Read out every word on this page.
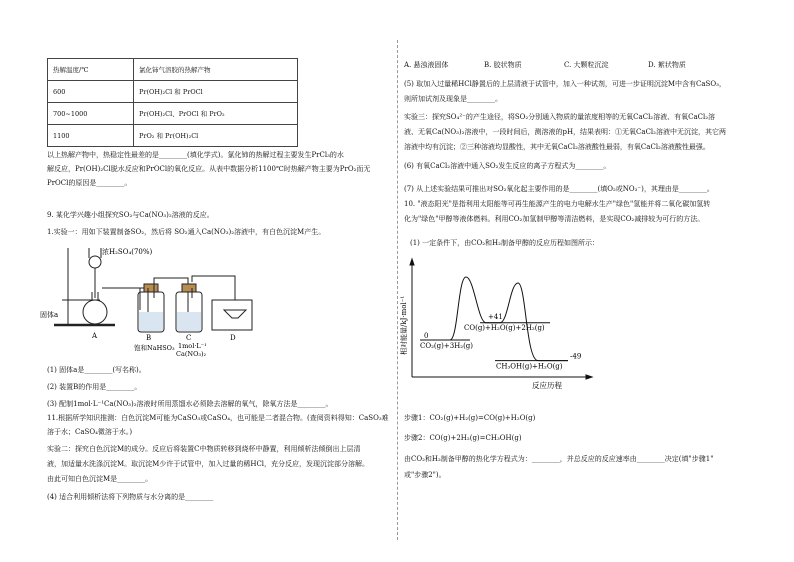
热解温度/℃	氯化铈气溶胶的热解产物
600	Pr(OH)₂Cl 和 PrOCl
700~1000	Pr(OH)₂Cl、PrOCl 和 PrO₂
1100	PrO₂ 和 Pr(OH)₂Cl
以上热解产物中，热稳定性最差的是________(填化学式)。氯化铈的热解过程主要发生PrCl₃的水
解反应，Pr(OH)₂Cl脱水反应和PrOCl的氧化反应。从表中数据分析1100℃时热解产物主要为PrO₂而无
PrOCl的原因是________。
9. 某化学兴趣小组探究SO₂与Ca(NO₃)₂溶液的反应。
1.实验一：用如下装置制备SO₂，然后将 SO₂通入Ca(NO₃)₂溶液中，有白色沉淀M产生。
浓H₂SO₄(70%)
固体a
A	B
饱和NaHSO₃
C
1mol·L⁻¹
Ca(NO₃)₂
D
(1) 固体a是________(写名称)。
(2) 装置B的作用是________。
(3) 配制1mol·L⁻¹Ca(NO₃)₂溶液时所用蒸馏水必须除去溶解的氧气，除氧方法是________。
11.根据所学知识推测：白色沉淀M可能为CaSO₃或CaSO₄，也可能是二者混合物。(查阅资料得知：CaSO₃难
溶于水；CaSO₄微溶于水。)
实验二：探究白色沉淀M的成分。反应后将装置C中物质转移到烧杯中静置，利用倾析法倾倒出上层清
液，加适量水洗涤沉淀M。取沉淀M少许于试管中，加入过量的稀HCl，充分反应，发现沉淀部分溶解。
由此可知白色沉淀M是________。
(4) 适合利用倾析法将下列物质与水分离的是________
A. 悬浊液固体	B. 胶状物质	C. 大颗粒沉淀	D. 絮状物质
(5) 取加入过量稀HCl静置后的上层清液于试管中，加入一种试剂，可进一步证明沉淀M中含有CaSO₃，
则所加试剂及现象是________。
实验三：探究SO₄²⁻的产生途径，将SO₂分别通入物质的量浓度相等的无氧CaCl₂溶液、有氧CaCl₂溶
液、无氧Ca(NO₃)₂溶液中，一段时间后，测溶液的pH，结果表明：①无氧CaCl₂溶液中无沉淀，其它两
溶液中均有沉淀；②三种溶液均显酸性，其中无氧CaCl₂溶液酸性最弱，有氧CaCl₂溶液酸性最强。
(6) 有氧CaCl₂溶液中通入SO₂发生反应的离子方程式为________。
(7) 从上述实验结果可推出对SO₂氧化起主要作用的是________(填O₂或NO₃⁻)，其理由是________。
10. "液态阳光"是指利用太阳能等可再生能源产生的电力电解水生产"绿色"氢能并将二氧化碳加氢转
化为"绿色"甲醇等液体燃料。利用CO₂加氢制甲醇等清洁燃料，是实现CO₂减排较为可行的方法。
(1) 一定条件下，由CO₂和H₂制备甲醇的反应历程如图所示：
相对能量/kJ·mol⁻¹
反应历程
0
+41
-49
CO₂(g)+3H₂(g)
CO(g)+H₂O(g)+2H₂(g)
CH₃OH(g)+H₂O(g)
步骤1：CO₂(g)+H₂(g)=CO(g)+H₂O(g)
步骤2：CO(g)+2H₂(g)=CH₃OH(g)
由CO₂和H₂制备甲醇的热化学方程式为：________，并总反应的反应速率由________决定(填"步骤1"
或"步骤2")。
